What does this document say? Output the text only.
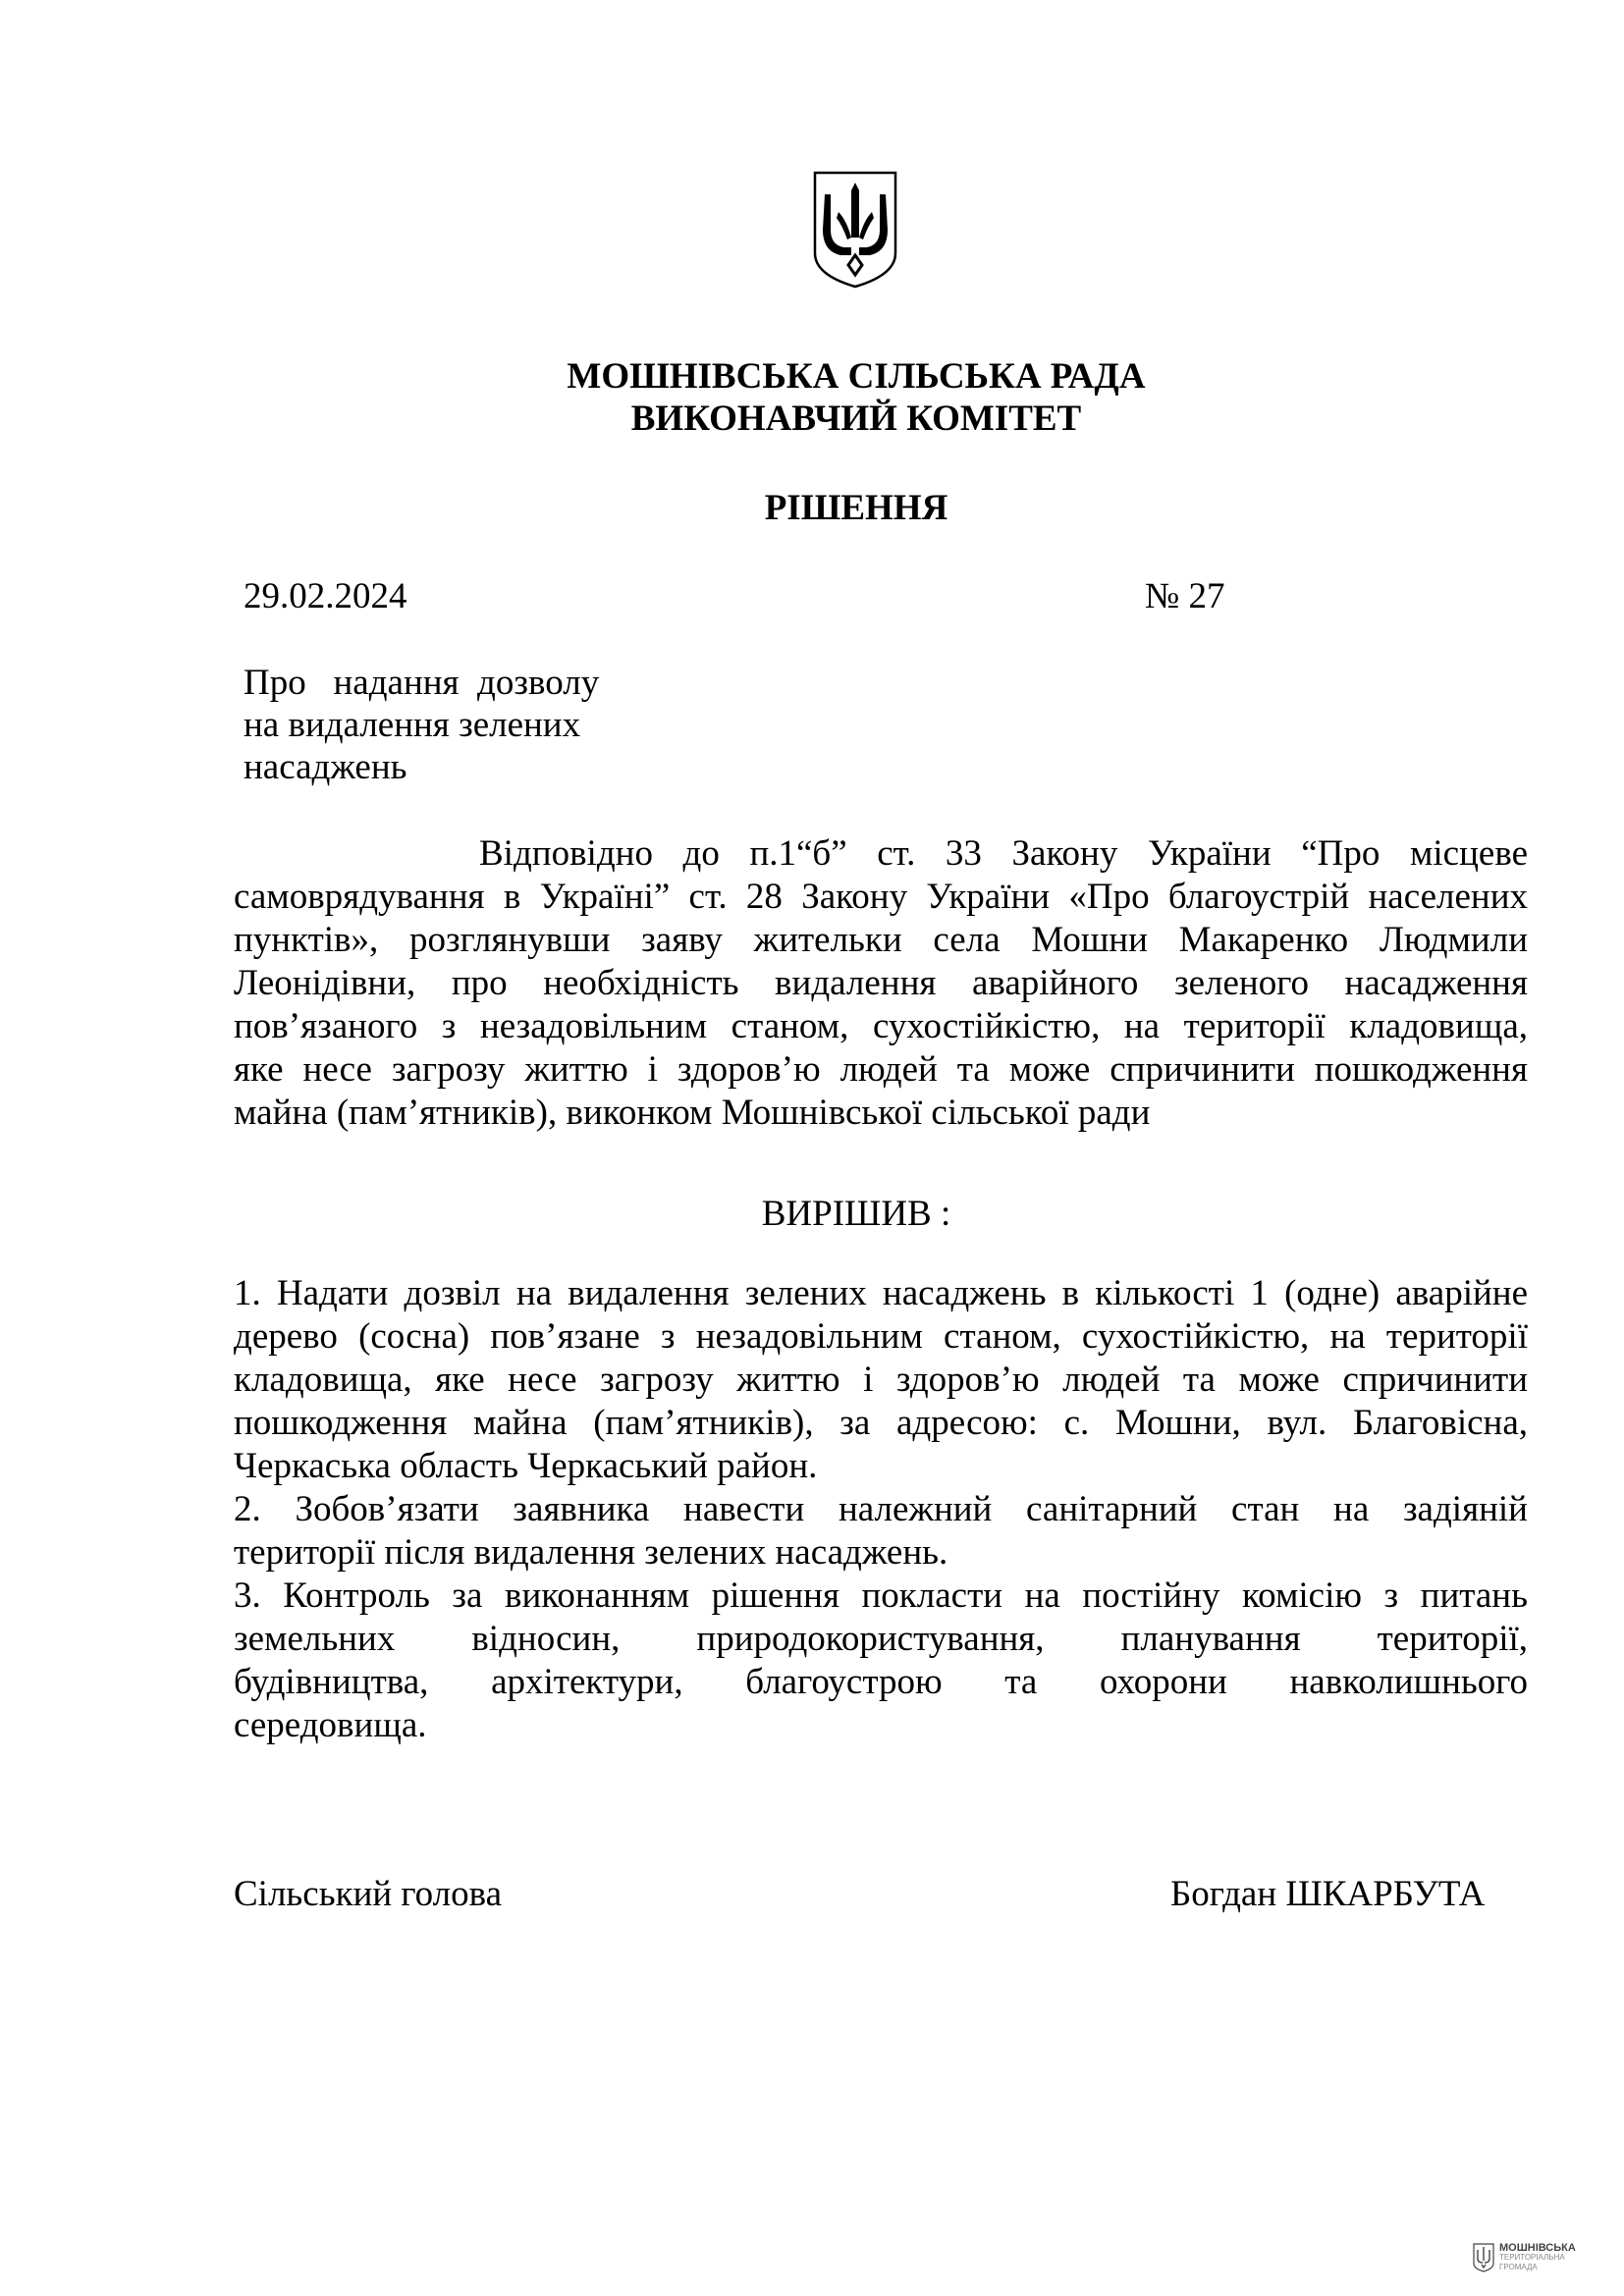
МОШНІВСЬКА СІЛЬСЬКА РАДА
ВИКОНАВЧИЙ КОМІТЕТ
РІШЕННЯ
29.02.2024	№ 27
Про   надання  дозволу
на видалення зелених
насаджень
Відповідно до п.1“б” ст. 33 Закону України “Про місцеве
самоврядування в Україні” ст. 28 Закону України «Про благоустрій населених
пунктів», розглянувши заяву жительки села Мошни Макаренко Людмили
Леонідівни, про необхідність видалення аварійного зеленого насадження
пов’язаного з незадовільним станом, сухостійкістю, на території кладовища,
яке несе загрозу життю і здоров’ю людей та може спричинити пошкодження
майна (пам’ятників), виконком Мошнівської сільської ради
ВИРІШИВ :
1. Надати дозвіл на видалення зелених насаджень в кількості 1 (одне) аварійне
дерево (сосна) пов’язане з незадовільним станом, сухостійкістю, на території
кладовища, яке несе загрозу життю і здоров’ю людей та може спричинити
пошкодження майна (пам’ятників), за адресою: с. Мошни, вул. Благовісна,
Черкаська область Черкаський район.
2. Зобов’язати заявника навести належний санітарний стан на задіяній
території після видалення зелених насаджень.
3. Контроль за виконанням рішення покласти на постійну комісію з питань
земельних відносин, природокористування, планування території,
будівництва, архітектури, благоустрою та охорони навколишнього
середовища.
Сільський голова	Богдан ШКАРБУТА
МОШНІВСЬКА
ТЕРИТОРІАЛЬНА
ГРОМАДА
